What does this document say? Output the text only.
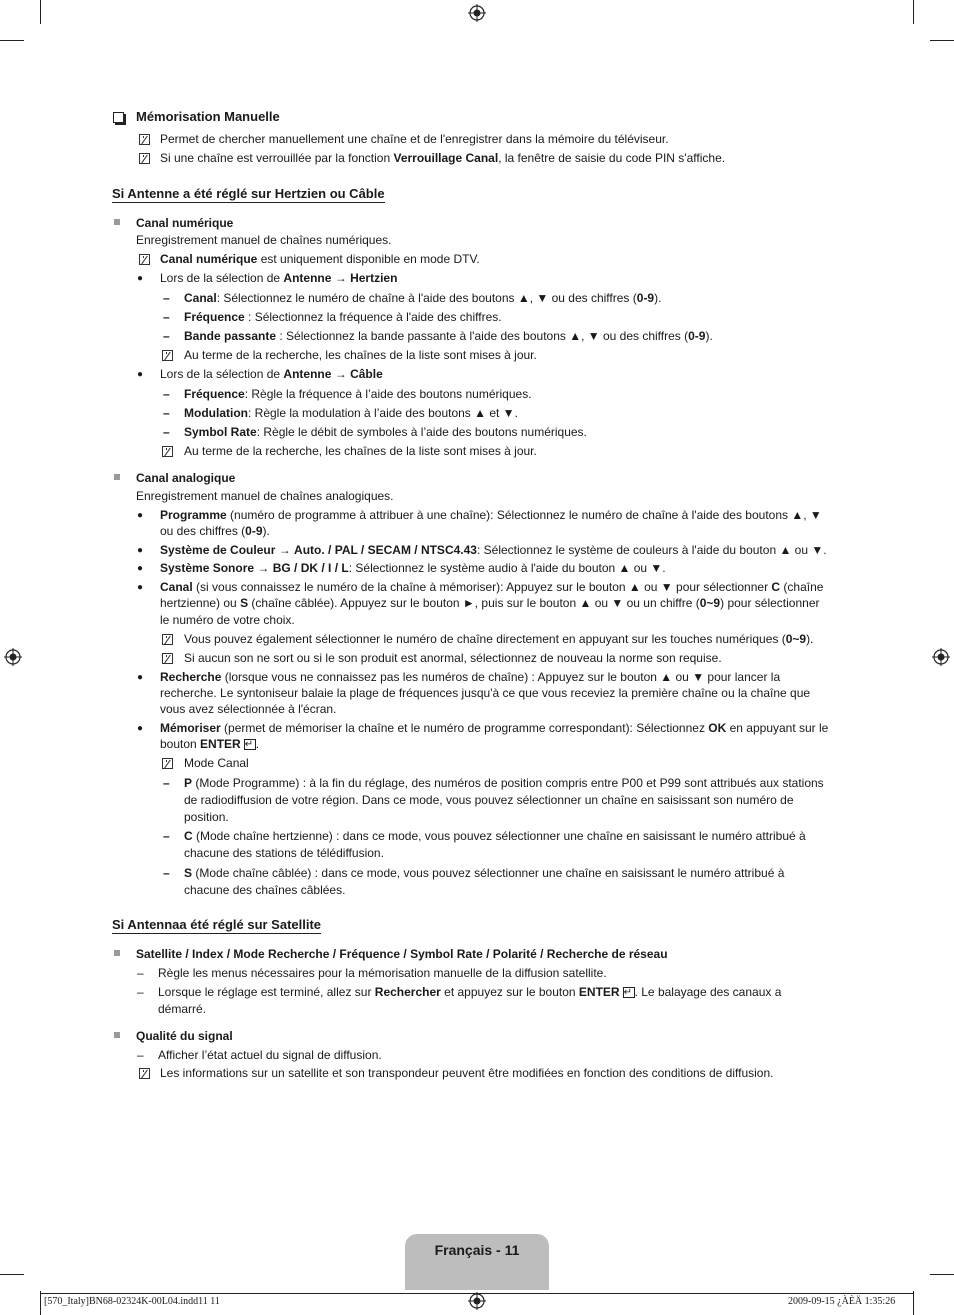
Mémorisation Manuelle
Permet de chercher manuellement une chaîne et de l'enregistrer dans la mémoire du téléviseur.
Si une chaîne est verrouillée par la fonction Verrouillage Canal, la fenêtre de saisie du code PIN s'affiche.
Si Antenne a été réglé sur Hertzien ou Câble
Canal numérique
Enregistrement manuel de chaînes numériques.
Canal numérique est uniquement disponible en mode DTV.
● Lors de la sélection de Antenne → Hertzien
– Canal: Sélectionnez le numéro de chaîne à l'aide des boutons ▲, ▼ ou des chiffres (0-9).
– Fréquence : Sélectionnez la fréquence à l'aide des chiffres.
– Bande passante : Sélectionnez la bande passante à l'aide des boutons ▲, ▼ ou des chiffres (0-9).
Au terme de la recherche, les chaînes de la liste sont mises à jour.
● Lors de la sélection de Antenne → Câble
– Fréquence: Règle la fréquence à l’aide des boutons numériques.
– Modulation: Règle la modulation à l’aide des boutons ▲ et ▼.
– Symbol Rate: Règle le débit de symboles à l’aide des boutons numériques.
Au terme de la recherche, les chaînes de la liste sont mises à jour.
Canal analogique
Enregistrement manuel de chaînes analogiques.
● Programme (numéro de programme à attribuer à une chaîne): Sélectionnez le numéro de chaîne à l'aide des boutons ▲, ▼
ou des chiffres (0-9).
● Système de Couleur → Auto. / PAL / SECAM / NTSC4.43: Sélectionnez le système de couleurs à l'aide du bouton ▲ ou ▼.
● Système Sonore → BG / DK / I / L: Sélectionnez le système audio à l'aide du bouton ▲ ou ▼.
● Canal (si vous connaissez le numéro de la chaîne à mémoriser): Appuyez sur le bouton ▲ ou ▼ pour sélectionner C (chaîne
hertzienne) ou S (chaîne câblée). Appuyez sur le bouton ►, puis sur le bouton ▲ ou ▼ ou un chiffre (0~9) pour sélectionner
le numéro de votre choix.
Vous pouvez également sélectionner le numéro de chaîne directement en appuyant sur les touches numériques (0~9).
Si aucun son ne sort ou si le son produit est anormal, sélectionnez de nouveau la norme son requise.
● Recherche (lorsque vous ne connaissez pas les numéros de chaîne) : Appuyez sur le bouton ▲ ou ▼ pour lancer la
recherche. Le syntoniseur balaie la plage de fréquences jusqu'à ce que vous receviez la première chaîne ou la chaîne que
vous avez sélectionnée à l'écran.
● Mémoriser (permet de mémoriser la chaîne et le numéro de programme correspondant): Sélectionnez OK en appuyant sur le
bouton ENTER ↵ .
Mode Canal
– P (Mode Programme) : à la fin du réglage, des numéros de position compris entre P00 et P99 sont attribués aux stations
de radiodiffusion de votre région. Dans ce mode, vous pouvez sélectionner un chaîne en saisissant son numéro de
position.
– C (Mode chaîne hertzienne) : dans ce mode, vous pouvez sélectionner une chaîne en saisissant le numéro attribué à
chacune des stations de télédiffusion.
– S (Mode chaîne câblée) : dans ce mode, vous pouvez sélectionner une chaîne en saisissant le numéro attribué à
chacune des chaînes câblées.
Si Antennaa été réglé sur Satellite
Satellite / Index / Mode Recherche / Fréquence / Symbol Rate / Polarité / Recherche de réseau
– Règle les menus nécessaires pour la mémorisation manuelle de la diffusion satellite.
– Lorsque le réglage est terminé, allez sur Rechercher et appuyez sur le bouton ENTER ↵ . Le balayage des canaux a
démarré.
Qualité du signal
– Afficher l’état actuel du signal de diffusion.
Les informations sur un satellite et son transpondeur peuvent être modifiées en fonction des conditions de diffusion.
Français - 11
[570_Italy]BN68-02324K-00L04.indd11 11	2009-09-15 ¿ÀÈÄ 1:35:26
